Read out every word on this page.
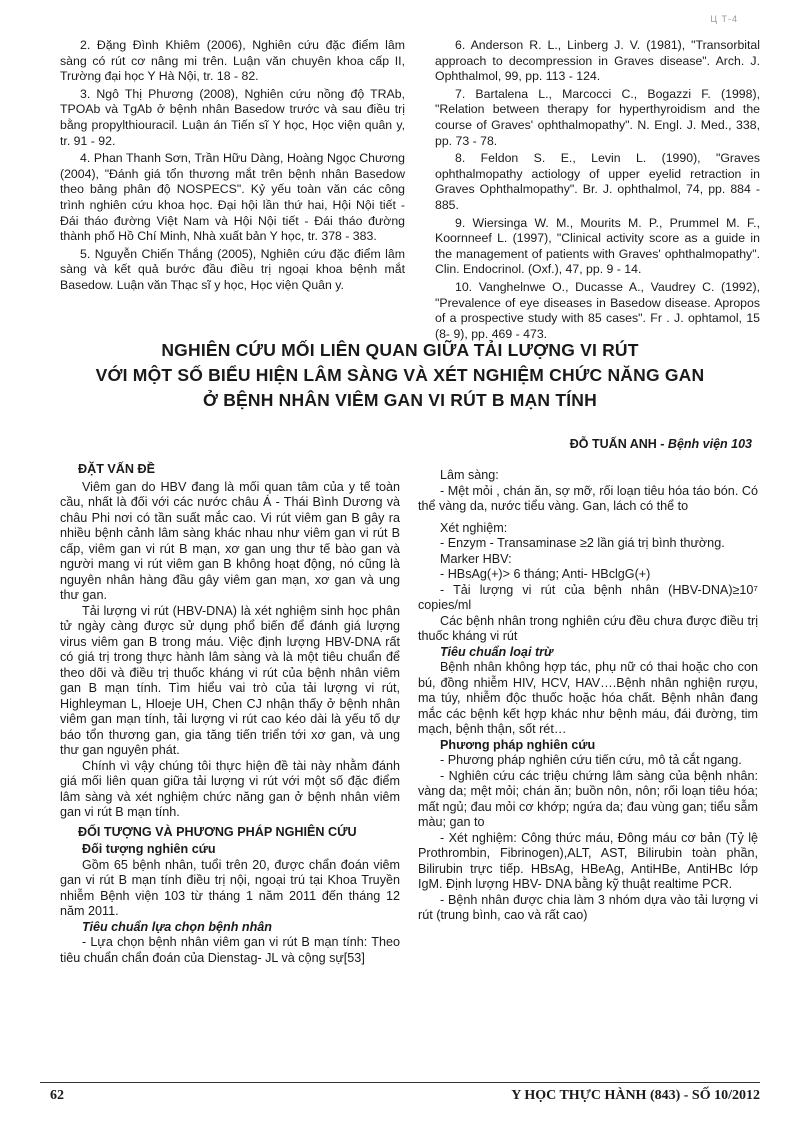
Ц Т-4

2. Đặng Đình Khiêm (2006), Nghiên cứu đặc điểm lâm sàng có rút cơ nâng mi trên. Luận văn chuyên khoa cấp II, Trường đại học Y Hà Nội, tr. 18 - 82.

3. Ngô Thị Phương (2008), Nghiên cứu nồng độ TRAb, TPOAb và TgAb ở bệnh nhân Basedow trước và sau điều trị bằng propylthiouracil. Luận án Tiến sĩ Y học, Học viện quân y, tr. 91 - 92.

4. Phan Thanh Sơn, Trần Hữu Dàng, Hoàng Ngọc Chương (2004), "Đánh giá tổn thương mắt trên bệnh nhân Basedow theo bảng phân độ NOSPECS". Kỷ yếu toàn văn các công trình nghiên cứu khoa học. Đại hội lần thứ hai, Hội Nội tiết - Đái tháo đường Việt Nam và Hội Nội tiết - Đái tháo đường thành phố Hồ Chí Minh, Nhà xuất bản Y học, tr. 378 - 383.

5. Nguyễn Chiến Thắng (2005), Nghiên cứu đặc điểm lâm sàng và kết quả bước đầu điều trị ngoại khoa bệnh mắt Basedow. Luận văn Thạc sĩ y học, Học viện Quân y.

6. Anderson R. L., Linberg J. V. (1981), "Transorbital approach to decompression in Graves disease". Arch. J. Ophthalmol, 99, pp. 113 - 124.

7. Bartalena L., Marcocci C., Bogazzi F. (1998), "Relation between therapy for hyperthyroidism and the course of Graves' ophthalmopathy". N. Engl. J. Med., 338, pp. 73 - 78.

8. Feldon S. E., Levin L. (1990), "Graves ophthalmopathy actiology of upper eyelid retraction in Graves Ophthalmopathy". Br. J. ophthalmol, 74, pp. 884 - 885.

9. Wiersinga W. M., Mourits M. P., Prummel M. F., Koornneef L. (1997), "Clinical activity score as a guide in the management of patients with Graves' ophthalmopathy". Clin. Endocrinol. (Oxf.), 47, pp. 9 - 14.

10. Vanghelnwe O., Ducasse A., Vaudrey C. (1992), "Prevalence of eye diseases in Basedow disease. Apropos of a prospective study with 85 cases". Fr . J. ophtamol, 15 (8- 9), pp. 469 - 473.

NGHIÊN CỨU MỐI LIÊN QUAN GIỮA TẢI LƯỢNG VI RÚT
VỚI MỘT SỐ BIỂU HIỆN LÂM SÀNG VÀ XÉT NGHIỆM CHỨC NĂNG GAN
Ở BỆNH NHÂN VIÊM GAN VI RÚT B MẠN TÍNH
ĐỖ TUẤN ANH - Bệnh viện 103

ĐẶT VẤN ĐỀ

Viêm gan do HBV đang là mối quan tâm của y tế toàn cầu, nhất là đối với các nước châu Á - Thái Bình Dương và châu Phi nơi có tần suất mắc cao. Vi rút viêm gan B gây ra nhiều bệnh cảnh lâm sàng khác nhau như viêm gan vi rút B cấp, viêm gan vi rút B mạn, xơ gan ung thư tế bào gan và người mang vi rút viêm gan B không hoạt động, nó cũng là nguyên nhân hàng đầu gây viêm gan mạn, xơ gan và ung thư gan.

Tải lượng vi rút (HBV-DNA) là xét nghiệm sinh học phân tử ngày càng được sử dụng phổ biến để đánh giá lượng virus viêm gan B trong máu. Việc định lượng HBV-DNA rất có giá trị trong thực hành lâm sàng và là một tiêu chuẩn để theo dõi và điều trị thuốc kháng vi rút của bệnh nhân viêm gan B mạn tính. Tìm hiểu vai trò của tải lượng vi rút, Highleyman L, Hloeje UH, Chen CJ nhận thấy ở bệnh nhân viêm gan mạn tính, tải lượng vi rút cao kéo dài là yếu tố dự báo tổn thương gan, gia tăng tiến triển tới xơ gan, và ung thư gan nguyên phát.

Chính vì vậy chúng tôi thực hiện đề tài này nhằm đánh giá mối liên quan giữa tải lượng vi rút với một số đặc điểm lâm sàng và xét nghiệm chức năng gan ở bệnh nhân viêm gan vi rút B mạn tính.

ĐỐI TƯỢNG VÀ PHƯƠNG PHÁP NGHIÊN CỨU

Đối tượng nghiên cứu

Gồm 65 bệnh nhân, tuổi trên 20, được chẩn đoán viêm gan vi rút B mạn tính điều trị nội, ngoại trú tại Khoa Truyền nhiễm Bệnh viện 103 từ tháng 1 năm 2011 đến tháng 12 năm 2011.

Tiêu chuẩn lựa chọn bệnh nhân

- Lựa chọn bệnh nhân viêm gan vi rút B mạn tính: Theo tiêu chuẩn chẩn đoán của Dienstag- JL và cộng sự[53]

Lâm sàng:

- Mệt mỏi , chán ăn, sợ mỡ, rối loạn tiêu hóa táo bón. Có thể vàng da, nước tiểu vàng. Gan, lách có thể to

Xét nghiệm:

- Enzym - Transaminase ≥2 lần giá trị bình thường.

Marker HBV:

- HBsAg(+)> 6 tháng; Anti- HBclgG(+)

- Tải lượng vi rút của bệnh nhân (HBV-DNA)≥10⁷ copies/ml

Các bệnh nhân trong nghiên cứu đều chưa được điều trị thuốc kháng vi rút

Tiêu chuẩn loại trừ

Bệnh nhân không hợp tác, phụ nữ có thai hoặc cho con bú, đồng nhiễm HIV, HCV, HAV….Bệnh nhân nghiện rượu, ma túy, nhiễm độc thuốc hoặc hóa chất. Bệnh nhân đang mắc các bệnh kết hợp khác như bệnh máu, đái đường, tim mạch, bệnh thận, sốt rét…

Phương pháp nghiên cứu

- Phương pháp nghiên cứu tiến cứu, mô tả cắt ngang.

- Nghiên cứu các triệu chứng lâm sàng của bệnh nhân: vàng da; mệt mỏi; chán ăn; buồn nôn, nôn; rối loạn tiêu hóa; mất ngủ; đau mỏi cơ khớp; ngứa da; đau vùng gan; tiểu sẫm màu; gan to

- Xét nghiệm: Công thức máu, Đông máu cơ bản (Tỷ lệ Prothrombin, Fibrinogen),ALT, AST, Bilirubin toàn phần, Bilirubin trực tiếp. HBsAg, HBeAg, AntiHBe, AntiHBc lớp IgM. Định lượng HBV- DNA bằng kỹ thuật realtime PCR.

- Bệnh nhân được chia làm 3 nhóm dựa vào tải lượng vi rút (trung bình, cao và rất cao)

62	Y HỌC THỰC HÀNH (843) - SỐ 10/2012
